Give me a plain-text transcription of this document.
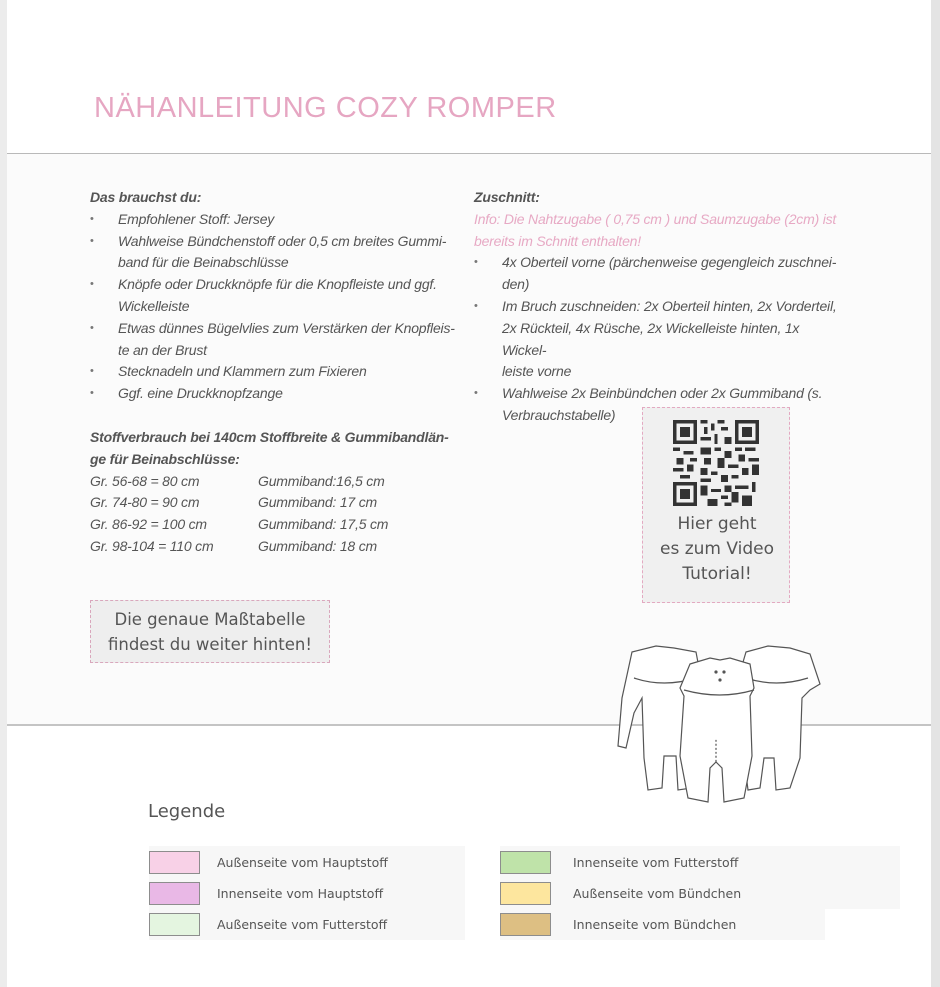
NÄHANLEITUNG COZY ROMPER
Das brauchst du:
• Empfohlener Stoff: Jersey
• Wahlweise Bündchenstoff oder 0,5 cm breites Gummi-
band für die Beinabschlüsse
• Knöpfe oder Druckknöpfe für die Knopfleiste und ggf.
Wickelleiste
• Etwas dünnes Bügelvlies zum Verstärken der Knopfleis-
te an der Brust
• Stecknadeln und Klammern zum Fixieren
• Ggf. eine Druckknopfzange
Stoffverbrauch bei 140cm Stoffbreite & Gummibandlän-
ge für Beinabschlüsse:
Gr. 56-68 = 80 cm	Gummiband:16,5 cm
Gr. 74-80 = 90 cm	Gummiband: 17 cm
Gr. 86-92 = 100 cm	Gummiband: 17,5 cm
Gr. 98-104 = 110 cm	Gummiband: 18 cm
Zuschnitt:
Info: Die Nahtzugabe ( 0,75 cm ) und Saumzugabe (2cm) ist
bereits im Schnitt enthalten!
• 4x Oberteil vorne (pärchenweise gegengleich zuschnei-
den)
• Im Bruch zuschneiden: 2x Oberteil hinten, 2x Vorderteil,
2x Rückteil, 4x Rüsche, 2x Wickelleiste hinten, 1x Wickel-
leiste vorne
• Wahlweise 2x Beinbündchen oder 2x Gummiband (s.
Verbrauchstabelle)
Hier geht
es zum Video
Tutorial!
Die genaue Maßtabelle
findest du weiter hinten!
Legende
Außenseite vom Hauptstoff
Innenseite vom Hauptstoff
Außenseite vom Futterstoff
Innenseite vom Futterstoff
Außenseite vom Bündchen
Innenseite vom Bündchen
